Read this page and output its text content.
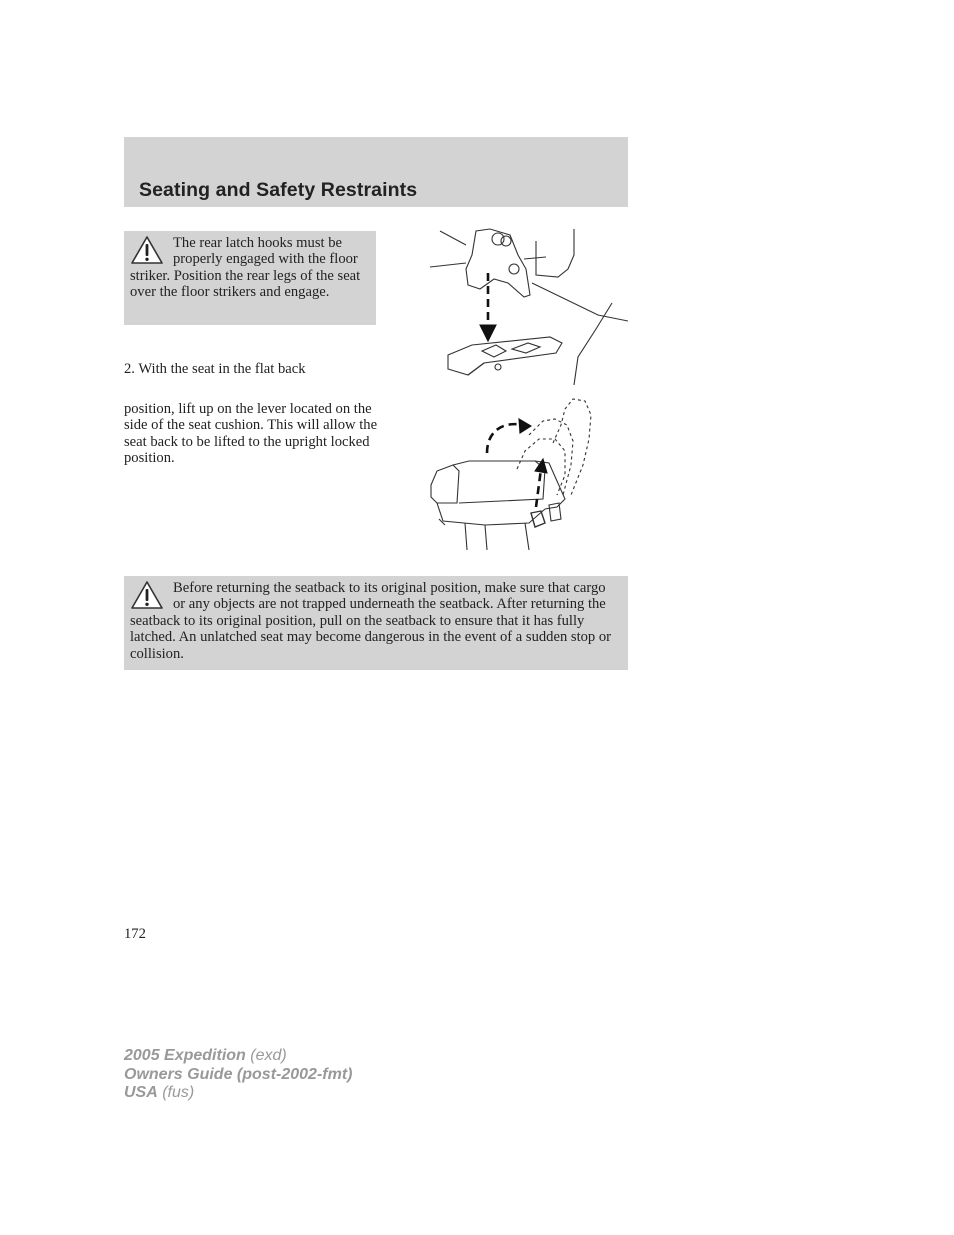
Seating and Safety Restraints
The rear latch hooks must be properly engaged with the floor striker. Position the rear legs of the seat over the floor strikers and engage.

2. With the seat in the flat back

position, lift up on the lever located on the side of the seat cushion. This will allow the seat back to be lifted to the upright locked position.

Before returning the seatback to its original position, make sure that cargo or any objects are not trapped underneath the seatback. After returning the seatback to its original position, pull on the seatback to ensure that it has fully latched. An unlatched seat may become dangerous in the event of a sudden stop or collision.

172

2005 Expedition (exd)
Owners Guide (post-2002-fmt)
USA (fus)
